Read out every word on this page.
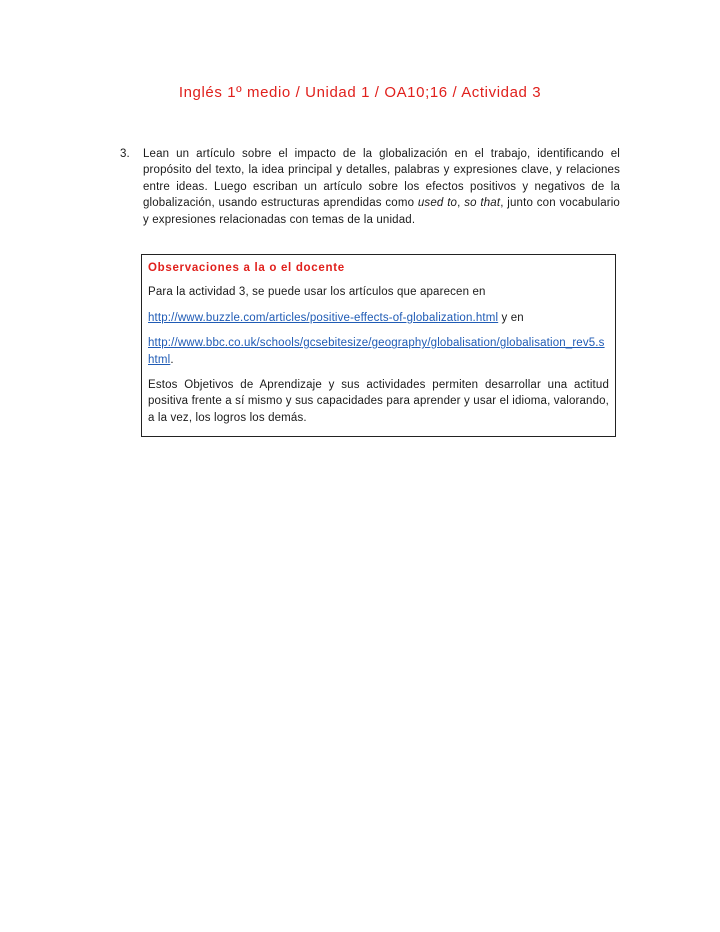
Inglés 1º medio / Unidad 1 / OA10;16 / Actividad 3
3. Lean un artículo sobre el impacto de la globalización en el trabajo, identificando el propósito del texto, la idea principal y detalles, palabras y expresiones clave, y relaciones entre ideas. Luego escriban un artículo sobre los efectos positivos y negativos de la globalización, usando estructuras aprendidas como used to, so that, junto con vocabulario y expresiones relacionadas con temas de la unidad.

Observaciones a la o el docente

Para la actividad 3, se puede usar los artículos que aparecen en

http://www.buzzle.com/articles/positive-effects-of-globalization.html y en

http://www.bbc.co.uk/schools/gcsebitesize/geography/globalisation/globalisation_rev5.shtml.

Estos Objetivos de Aprendizaje y sus actividades permiten desarrollar una actitud positiva frente a sí mismo y sus capacidades para aprender y usar el idioma, valorando, a la vez, los logros los demás.
